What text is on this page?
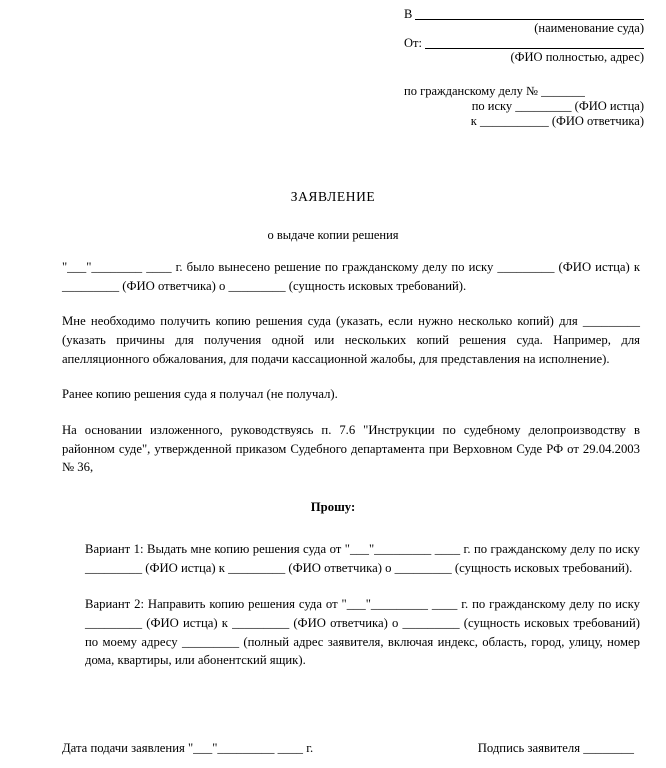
В
(наименование суда)
От:
(ФИО полностью, адрес)
по гражданскому делу № _______
по иску _________ (ФИО истца)
к ___________ (ФИО ответчика)
ЗАЯВЛЕНИЕ
о выдаче копии решения

"___"________ ____ г. было вынесено решение по гражданскому делу по иску _________ (ФИО истца) к _________ (ФИО ответчика) о _________ (сущность исковых требований).

Мне необходимо получить копию решения суда (указать, если нужно несколько копий) для _________ (указать причины для получения одной или нескольких копий решения суда. Например, для апелляционного обжалования, для подачи кассационной жалобы, для представления на исполнение).

Ранее копию решения суда я получал (не получал).

На основании изложенного, руководствуясь п. 7.6 "Инструкции по судебному делопроизводству в районном суде", утвержденной приказом Судебного департамента при Верховном Суде РФ от 29.04.2003 № 36,

Прошу:

Вариант 1: Выдать мне копию решения суда от "___"_________ ____ г. по гражданскому делу по иску _________ (ФИО истца) к _________ (ФИО ответчика) о _________ (сущность исковых требований).

Вариант 2: Направить копию решения суда от "___"_________ ____ г. по гражданскому делу по иску _________ (ФИО истца) к _________ (ФИО ответчика) о _________ (сущность исковых требований) по моему адресу _________ (полный адрес заявителя, включая индекс, область, город, улицу, номер дома, квартиры, или абонентский ящик).

Дата подачи заявления "___"_________ ____ г.	Подпись заявителя ________
